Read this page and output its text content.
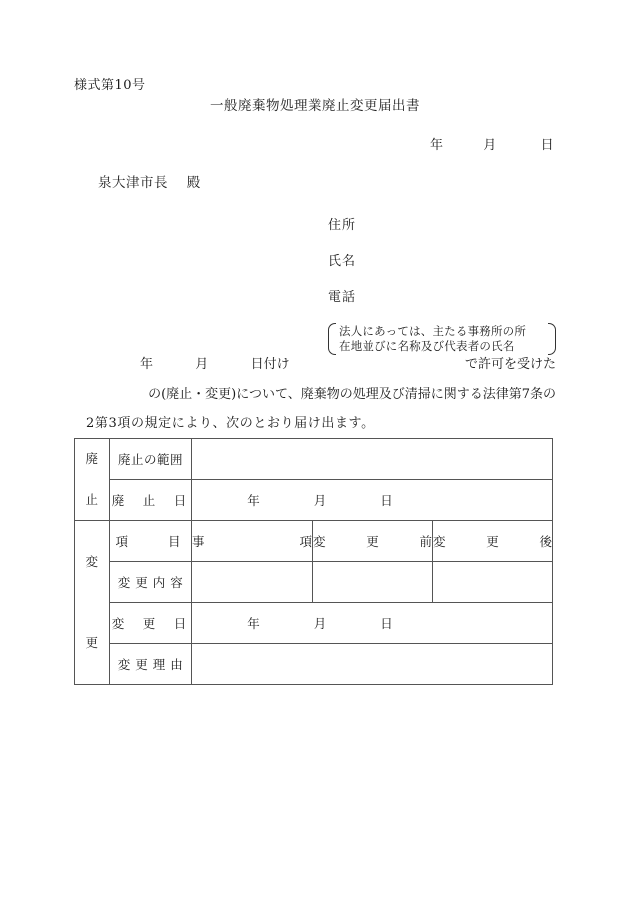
様式第10号
一般廃棄物処理業廃止変更届出書
年	月	日
泉大津市長 殿
住所
氏名
電話
法人にあっては、主たる事務所の所
在地並びに名称及び代表者の氏名
で許可を受けた
年	月	日付け
の(廃止・変更)について、廃棄物の処理及び清掃に関する法律第7条の
2第3項の規定により、次のとおり届け出ます。
廃
止	廃止の範囲			
	廃　止　日	年 月 日		

変
更	項　　目	事 項	変 更 前	変 更 後

	変 更 内 容			
	変　更　日	年 月 日		
	変 更 理 由			
